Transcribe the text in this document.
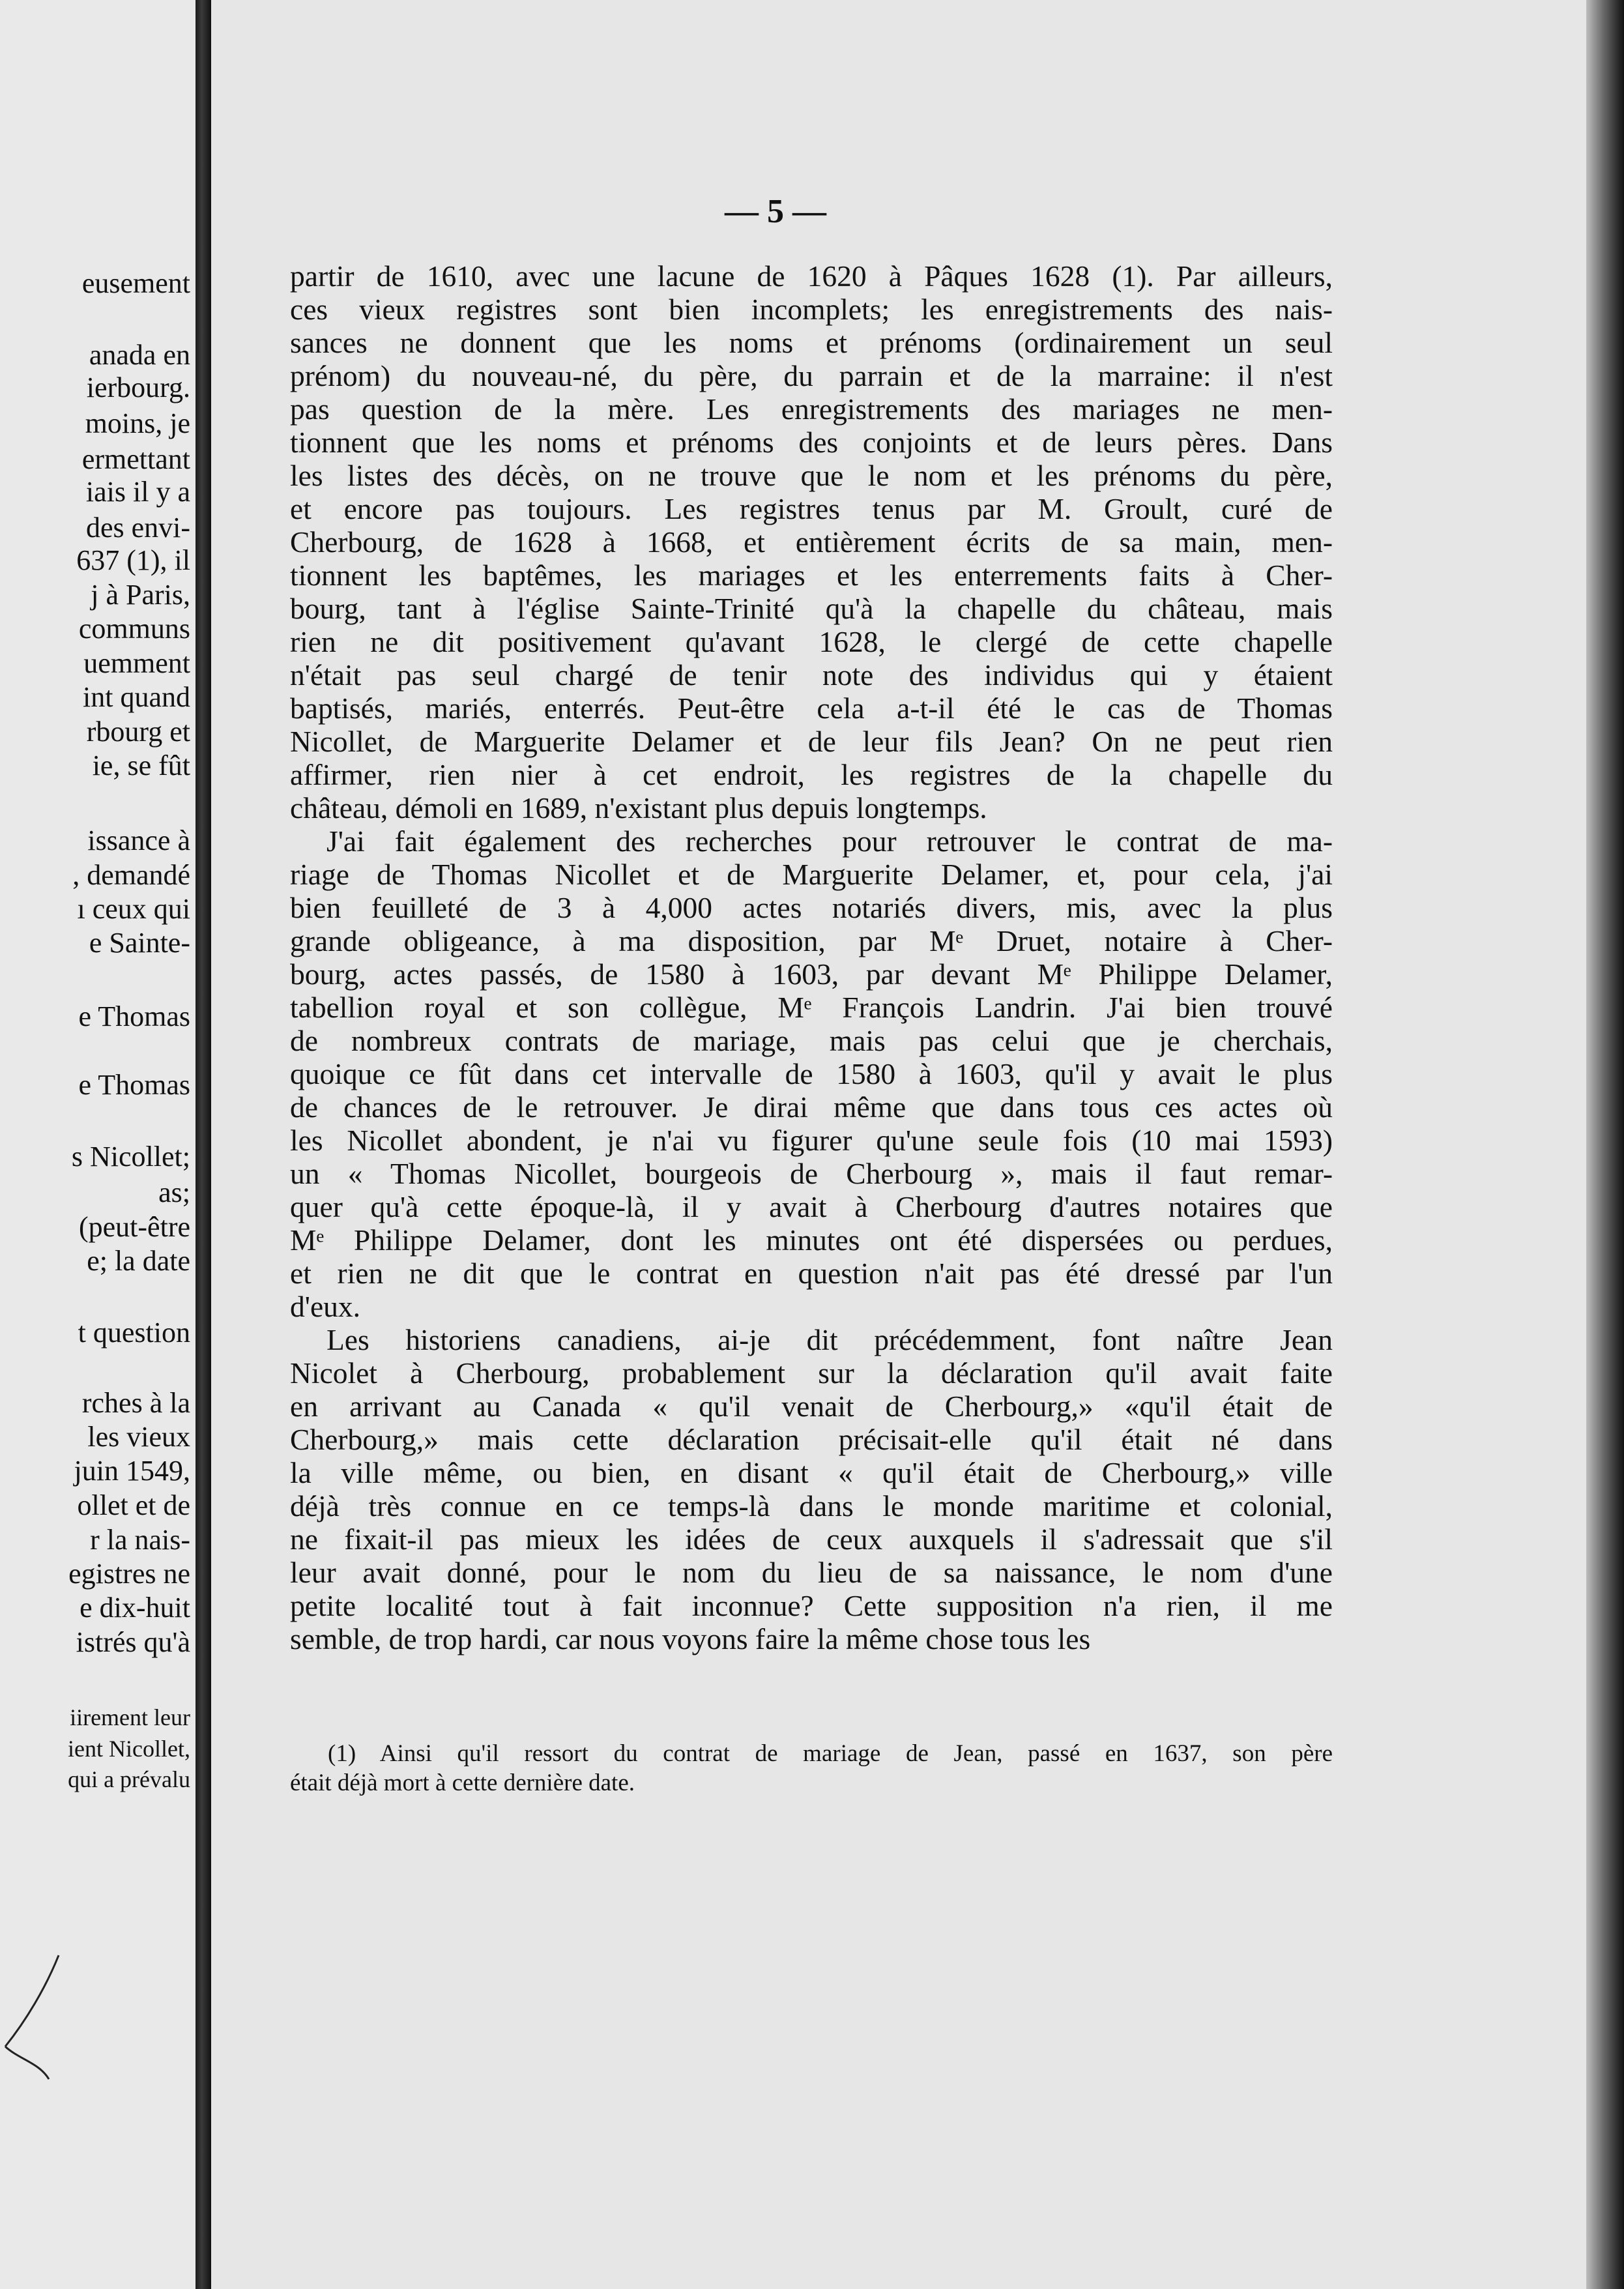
eusement
anada en
ierbourg.
moins, je
ermettant
iais il y a
des envi-
637 (1), il
j à Paris,
communs
uemment
int quand
rbourg et
ie, se fût
issance à
, demandé
ı ceux qui
e Sainte-
e Thomas
e Thomas
s Nicollet;
as;
(peut-être
e; la date
t question
rches à la
les vieux
juin 1549,
ollet et de
r la nais-
egistres ne
e dix-huit
istrés qu'à
iirement leur
ient Nicollet,
qui a prévalu
— 5 —
partir de 1610, avec une lacune de 1620 à Pâques 1628 (1). Par ailleurs,
ces vieux registres sont bien incomplets; les enregistrements des nais-
sances ne donnent que les noms et prénoms (ordinairement un seul
prénom) du nouveau-né, du père, du parrain et de la marraine: il n'est
pas question de la mère. Les enregistrements des mariages ne men-
tionnent que les noms et prénoms des conjoints et de leurs pères. Dans
les listes des décès, on ne trouve que le nom et les prénoms du père,
et encore pas toujours. Les registres tenus par M. Groult, curé de
Cherbourg, de 1628 à 1668, et entièrement écrits de sa main, men-
tionnent les baptêmes, les mariages et les enterrements faits à Cher-
bourg, tant à l'église Sainte-Trinité qu'à la chapelle du château, mais
rien ne dit positivement qu'avant 1628, le clergé de cette chapelle
n'était pas seul chargé de tenir note des individus qui y étaient
baptisés, mariés, enterrés. Peut-être cela a-t-il été le cas de Thomas
Nicollet, de Marguerite Delamer et de leur fils Jean? On ne peut rien
affirmer, rien nier à cet endroit, les registres de la chapelle du
château, démoli en 1689, n'existant plus depuis longtemps.
J'ai fait également des recherches pour retrouver le contrat de ma-
riage de Thomas Nicollet et de Marguerite Delamer, et, pour cela, j'ai
bien feuilleté de 3 à 4,000 actes notariés divers, mis, avec la plus
grande obligeance, à ma disposition, par Mᵉ Druet, notaire à Cher-
bourg, actes passés, de 1580 à 1603, par devant Mᵉ Philippe Delamer,
tabellion royal et son collègue, Mᵉ François Landrin. J'ai bien trouvé
de nombreux contrats de mariage, mais pas celui que je cherchais,
quoique ce fût dans cet intervalle de 1580 à 1603, qu'il y avait le plus
de chances de le retrouver. Je dirai même que dans tous ces actes où
les Nicollet abondent, je n'ai vu figurer qu'une seule fois (10 mai 1593)
un « Thomas Nicollet, bourgeois de Cherbourg », mais il faut remar-
quer qu'à cette époque-là, il y avait à Cherbourg d'autres notaires que
Mᵉ Philippe Delamer, dont les minutes ont été dispersées ou perdues,
et rien ne dit que le contrat en question n'ait pas été dressé par l'un
d'eux.
Les historiens canadiens, ai-je dit précédemment, font naître Jean
Nicolet à Cherbourg, probablement sur la déclaration qu'il avait faite
en arrivant au Canada « qu'il venait de Cherbourg,» «qu'il était de
Cherbourg,» mais cette déclaration précisait-elle qu'il était né dans
la ville même, ou bien, en disant « qu'il était de Cherbourg,» ville
déjà très connue en ce temps-là dans le monde maritime et colonial,
ne fixait-il pas mieux les idées de ceux auxquels il s'adressait que s'il
leur avait donné, pour le nom du lieu de sa naissance, le nom d'une
petite localité tout à fait inconnue? Cette supposition n'a rien, il me
semble, de trop hardi, car nous voyons faire la même chose tous les
(1) Ainsi qu'il ressort du contrat de mariage de Jean, passé en 1637, son père
était déjà mort à cette dernière date.
